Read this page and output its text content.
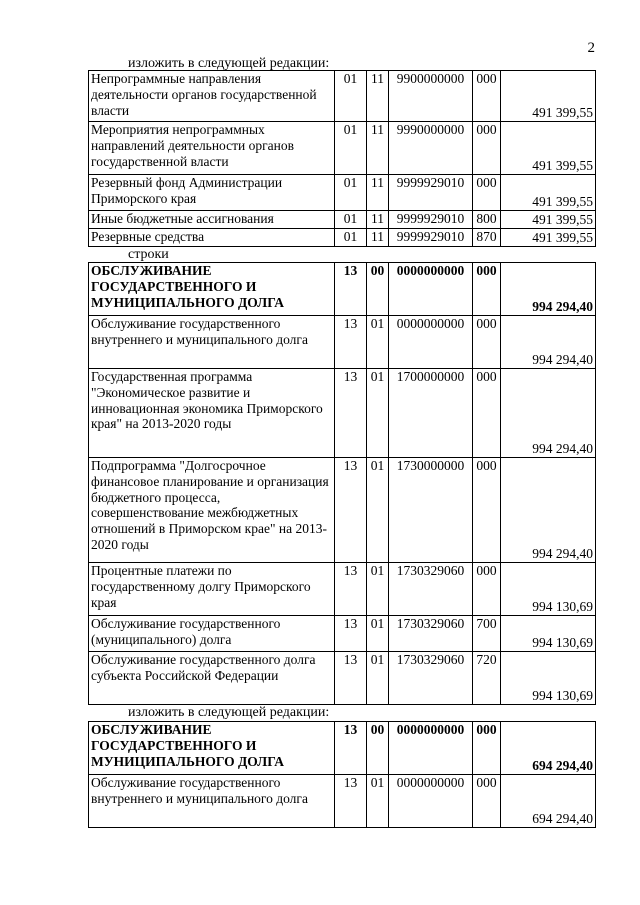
2
изложить в следующей редакции:
Непрограммные направления деятельности органов государственной власти	01	11	9900000000	000	491 399,55
Мероприятия непрограммных направлений деятельности органов государственной власти	01	11	9990000000	000	491 399,55
Резервный фонд Администрации Приморского края	01	11	9999929010	000	491 399,55
Иные бюджетные ассигнования	01	11	9999929010	800	491 399,55
Резервные средства	01	11	9999929010	870	491 399,55
строки
ОБСЛУЖИВАНИЕ ГОСУДАРСТВЕННОГО И МУНИЦИПАЛЬНОГО ДОЛГА	13	00	0000000000	000	994 294,40
Обслуживание государственного внутреннего и муниципального долга	13	01	0000000000	000	994 294,40
Государственная программа "Экономическое развитие и инновационная экономика Приморского края" на 2013-2020 годы	13	01	1700000000	000	994 294,40
Подпрограмма "Долгосрочное финансовое планирование и организация бюджетного процесса, совершенствование межбюджетных отношений в Приморском крае" на 2013-2020 годы	13	01	1730000000	000	994 294,40
Процентные платежи по государственному долгу Приморского края	13	01	1730329060	000	994 130,69
Обслуживание государственного (муниципального) долга	13	01	1730329060	700	994 130,69
Обслуживание государственного долга субъекта Российской Федерации	13	01	1730329060	720	994 130,69
изложить в следующей редакции:
ОБСЛУЖИВАНИЕ ГОСУДАРСТВЕННОГО И МУНИЦИПАЛЬНОГО ДОЛГА	13	00	0000000000	000	694 294,40
Обслуживание государственного внутреннего и муниципального долга	13	01	0000000000	000	694 294,40
